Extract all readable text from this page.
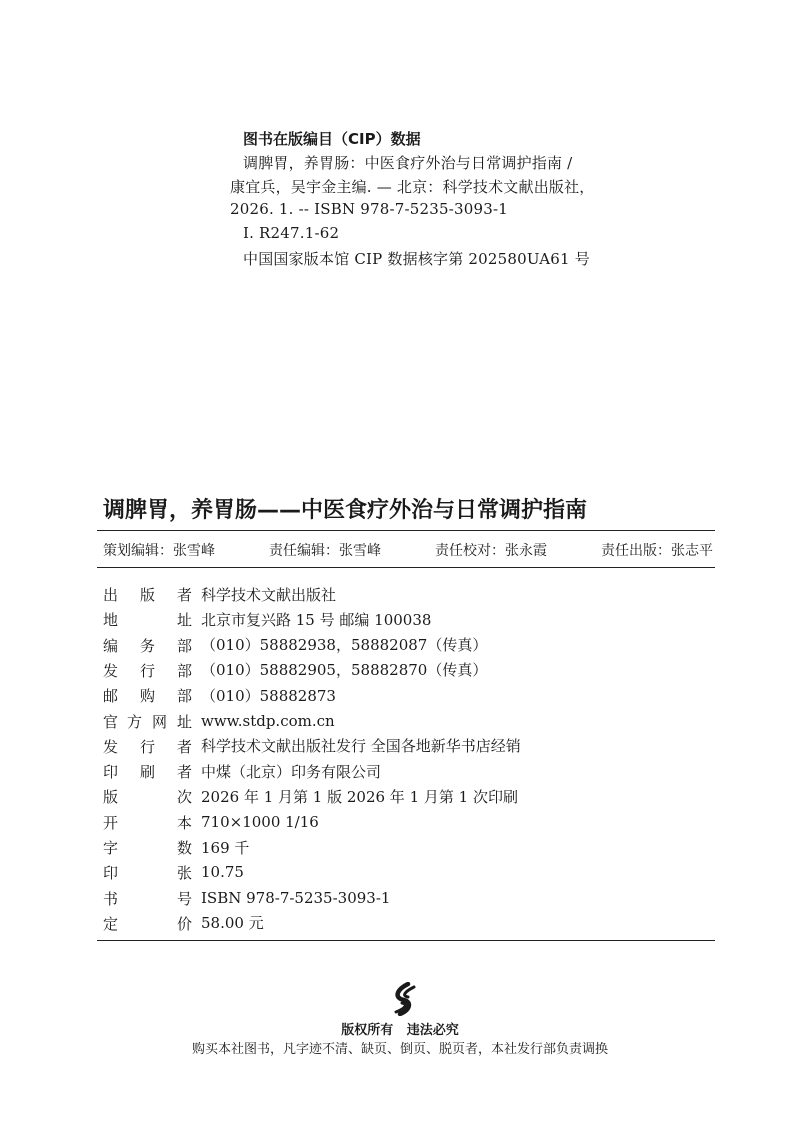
图书在版编目（CIP）数据
调脾胃，养胃肠：中医食疗外治与日常调护指南 /
康宜兵，吴宇金主编. — 北京：科学技术文献出版社，
2026. 1. -- ISBN 978-7-5235-3093-1
Ⅰ. R247.1-62
中国国家版本馆 CIP 数据核字第 202580UA61 号
调脾胃，养胃肠——中医食疗外治与日常调护指南
策划编辑：张雪峰	责任编辑：张雪峰	责任校对：张永霞	责任出版：张志平
出 版 者 科学技术文献出版社
地	址 北京市复兴路 15 号 邮编 100038
编 务 部 （010）58882938，58882087（传真）
发 行 部 （010）58882905，58882870（传真）
邮 购 部 （010）58882873
官 方 网 址 www.stdp.com.cn
发 行 者 科学技术文献出版社发行 全国各地新华书店经销
印 刷 者 中煤（北京）印务有限公司
版	次 2026 年 1 月第 1 版 2026 年 1 月第 1 次印刷
开	本 710×1000 1/16
字	数 169 千
印	张 10.75
书	号 ISBN 978-7-5235-3093-1
定	价 58.00 元
版权所有   违法必究
购买本社图书，凡字迹不清、缺页、倒页、脱页者，本社发行部负责调换
